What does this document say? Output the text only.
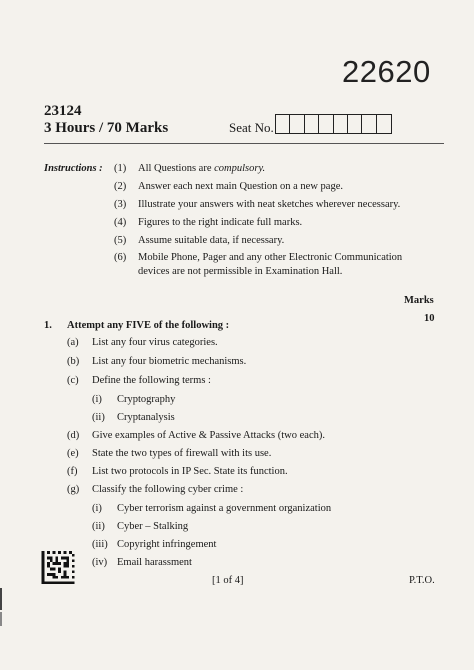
22620
23124
3 Hours / 70 Marks	Seat No.
Instructions : (1) All Questions are compulsory.
(2) Answer each next main Question on a new page.
(3) Illustrate your answers with neat sketches wherever necessary.
(4) Figures to the right indicate full marks.
(5) Assume suitable data, if necessary.
(6) Mobile Phone, Pager and any other Electronic Communication
devices are not permissible in Examination Hall.
Marks
1. Attempt any FIVE of the following :
10
(a) List any four virus categories.
(b) List any four biometric mechanisms.
(c) Define the following terms :
(i) Cryptography
(ii) Cryptanalysis
(d) Give examples of Active & Passive Attacks (two each).
(e) State the two types of firewall with its use.
(f) List two protocols in IP Sec. State its function.
(g) Classify the following cyber crime :
(i) Cyber terrorism against a government organization
(ii) Cyber – Stalking
(iii) Copyright infringement
(iv) Email harassment
[1 of 4]	P.T.O.
